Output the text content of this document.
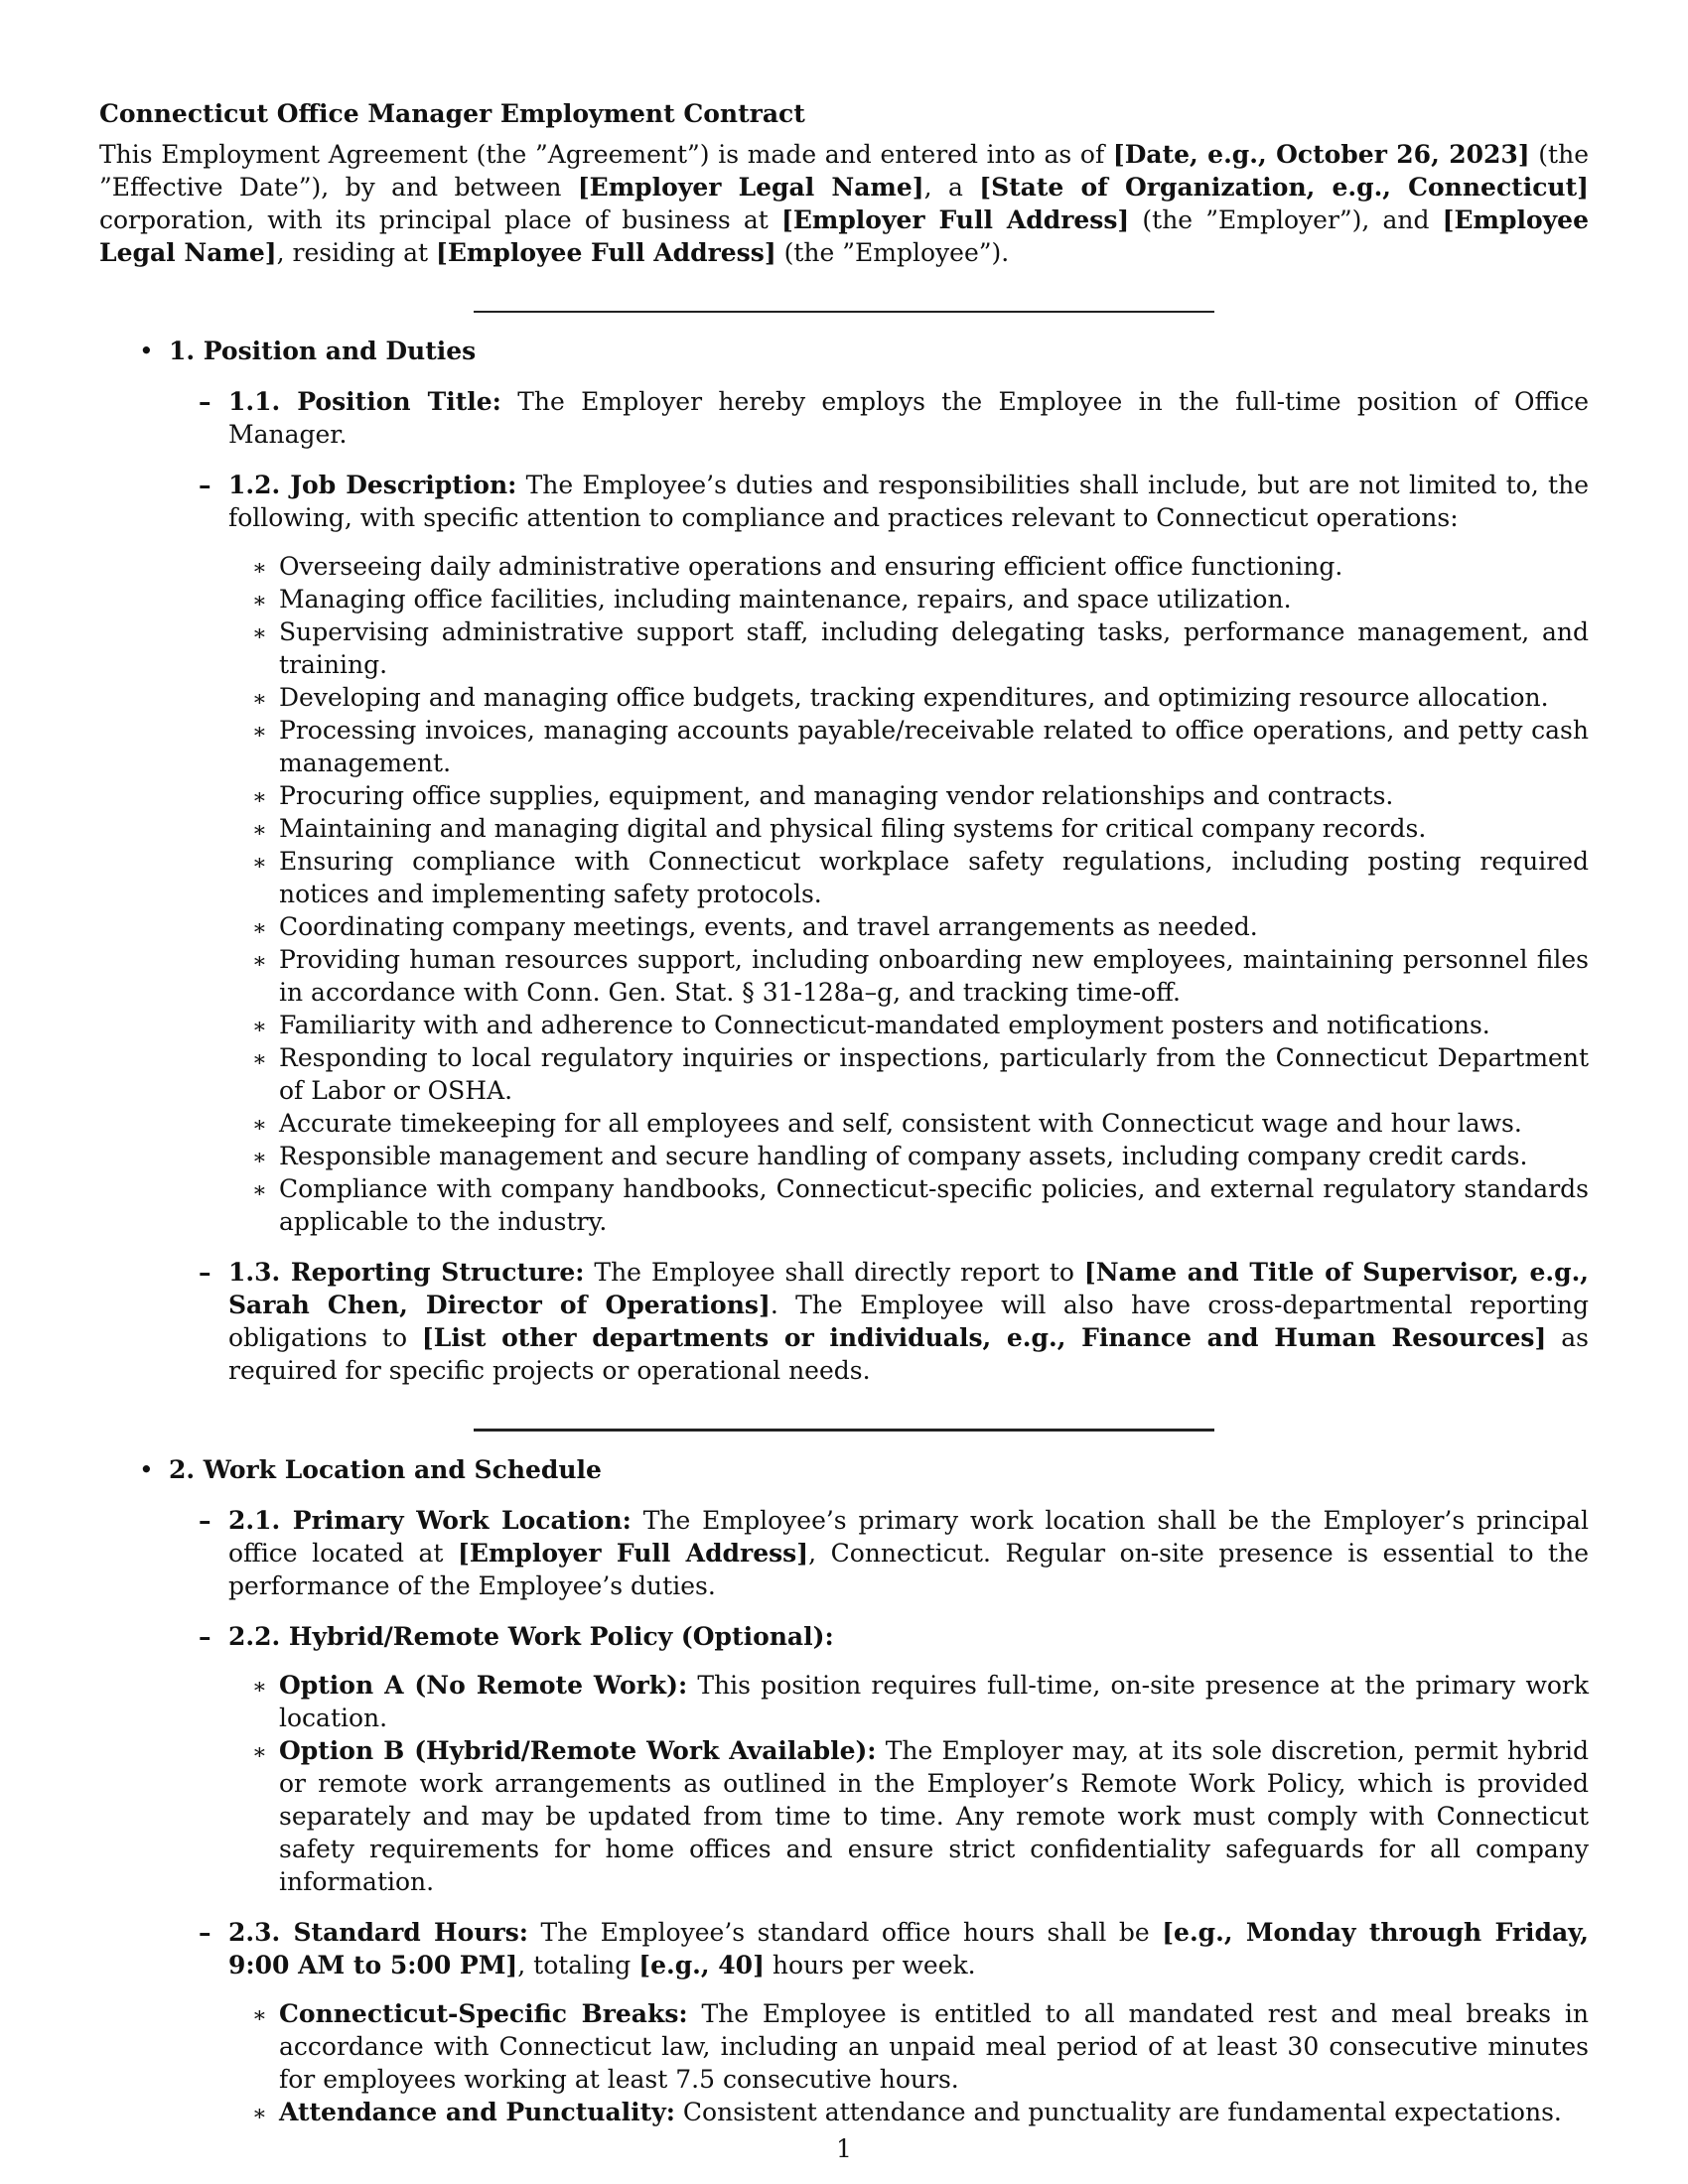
Connecticut Office Manager Employment Contract

This Employment Agreement (the ”Agreement”) is made and entered into as of [Date, e.g., October 26, 2023] (the ”Effective Date”), by and between [Employer Legal Name], a [State of Organization, e.g., Connecticut] corporation, with its principal place of business at [Employer Full Address] (the ”Employer”), and [Employee Legal Name], residing at [Employee Full Address] (the ”Employee”).

• 1. Position and Duties

– 1.1. Position Title: The Employer hereby employs the Employee in the full-time position of Office Manager.
– 1.2. Job Description: The Employee’s duties and responsibilities shall include, but are not limited to, the following, with specific attention to compliance and practices relevant to Connecticut operations:
∗ Overseeing daily administrative operations and ensuring efficient office functioning.
∗ Managing office facilities, including maintenance, repairs, and space utilization.
∗ Supervising administrative support staff, including delegating tasks, performance management, and training.
∗ Developing and managing office budgets, tracking expenditures, and optimizing resource allocation.
∗ Processing invoices, managing accounts payable/receivable related to office operations, and petty cash management.
∗ Procuring office supplies, equipment, and managing vendor relationships and contracts.
∗ Maintaining and managing digital and physical filing systems for critical company records.
∗ Ensuring compliance with Connecticut workplace safety regulations, including posting required notices and implementing safety protocols.
∗ Coordinating company meetings, events, and travel arrangements as needed.
∗ Providing human resources support, including onboarding new employees, maintaining personnel files in accordance with Conn. Gen. Stat. § 31-128a–g, and tracking time-off.
∗ Familiarity with and adherence to Connecticut-mandated employment posters and notifications.
∗ Responding to local regulatory inquiries or inspections, particularly from the Connecticut Department of Labor or OSHA.
∗ Accurate timekeeping for all employees and self, consistent with Connecticut wage and hour laws.
∗ Responsible management and secure handling of company assets, including company credit cards.
∗ Compliance with company handbooks, Connecticut-specific policies, and external regulatory standards applicable to the industry.
– 1.3. Reporting Structure: The Employee shall directly report to [Name and Title of Supervisor, e.g., Sarah Chen, Director of Operations]. The Employee will also have cross-departmental reporting obligations to [List other departments or individuals, e.g., Finance and Human Resources] as required for specific projects or operational needs.
• 2. Work Location and Schedule

– 2.1. Primary Work Location: The Employee’s primary work location shall be the Employer’s principal office located at [Employer Full Address], Connecticut. Regular on-site presence is essential to the performance of the Employee’s duties.
– 2.2. Hybrid/Remote Work Policy (Optional):
∗ Option A (No Remote Work): This position requires full-time, on-site presence at the primary work location.
∗ Option B (Hybrid/Remote Work Available): The Employer may, at its sole discretion, permit hybrid or remote work arrangements as outlined in the Employer’s Remote Work Policy, which is provided separately and may be updated from time to time. Any remote work must comply with Connecticut safety requirements for home offices and ensure strict confidentiality safeguards for all company information.
– 2.3. Standard Hours: The Employee’s standard office hours shall be [e.g., Monday through Friday, 9:00 AM to 5:00 PM], totaling [e.g., 40] hours per week.
∗ Connecticut-Specific Breaks: The Employee is entitled to all mandated rest and meal breaks in accordance with Connecticut law, including an unpaid meal period of at least 30 consecutive minutes for employees working at least 7.5 consecutive hours.
∗ Attendance and Punctuality: Consistent attendance and punctuality are fundamental expectations.
1
